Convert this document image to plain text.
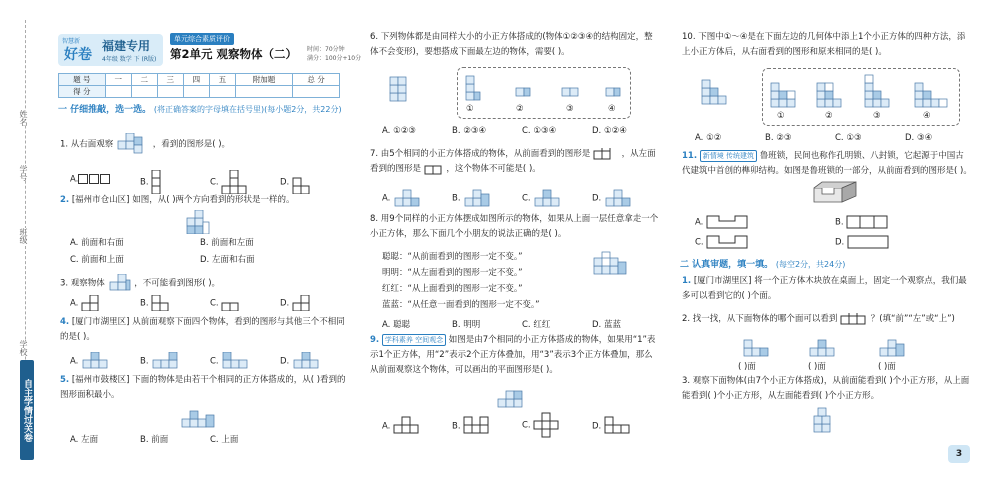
姓名
学号
班级
学校
自主学情过关卷
智慧新
好卷
福建专用
4年级 数学 下 (R版)
单元综合素质评价
第2单元 观察物体（二） 时间：70分钟
满分：100分+10分
题 号	一	二	三	四	五	附加题	总 分
得 分							
一 仔细推敲，选一选。 (将正确答案的字母填在括号里)(每小题2分，共22分)
1. 从右面观察	，看到的图形是( )。
A.	B.	C.	D.
2. [福州市仓山区] 如图，从( )两个方向看到的形状是一样的。
A. 前面和右面	B. 前面和左面
C. 前面和上面	D. 左面和右面
3. 观察物体	，不可能看到图形( )。
A.	B.	C.	D.
4. [厦门市湖里区] 从前面观察下面四个物体，看到的图形与其他三个不相同的是( )。
A.	B.	C.	D.
5. [福州市鼓楼区] 下面的物体是由若干个相同的正方体搭成的，从( )看到的图形面积最小。
A. 左面	B. 前面	C. 上面
6. 下列物体都是由同样大小的小正方体搭成的(物体①②③④的结构固定，整体不会变形)，要想搭成下面最左边的物体，需要( )。
①	②	③	④
A. ①②③	B. ②③④	C. ①③④	D. ①②④
7. 由5个相同的小正方体搭成的物体，从前面看到的图形是	，从左面看到的图形是	，这个物体不可能是( )。
A.	B.	C.	D.
8. 用9个同样的小正方体摆成如图所示的物体，如果从上面一层任意拿走一个小正方体，那么下面几个小朋友的说法正确的是( )。
聪聪：“从前面看到的图形一定不变。”
明明：“从左面看到的图形一定不变。”
红红：“从上面看到的图形一定不变。”
蓝蓝：“从任意一面看到的图形一定不变。”
A. 聪聪	B. 明明	C. 红红	D. 蓝蓝
9. 学科素养 空间观念 如图是由7个相同的小正方体搭成的物体，如果用“1”表示1个正方体，用“2”表示2个正方体叠加，用“3”表示3个正方体叠加，那么从前面观察这个物体，可以画出的平面图形是( )。
A.	B.	C.	D.
10. 下图中①～④是在下面左边的几何体中添上1个小正方体的四种方法，添上小正方体后，从右面看到的图形和原来相同的是( )。
①	②	③	④
A. ①②	B. ②③	C. ①③	D. ③④
11. 新情境 传统建筑 鲁班锁，民间也称作孔明锁、八封锁，它起源于中国古代建筑中首创的榫卯结构。如图是鲁班锁的一部分，从前面看到的图形是( )。
A.	B.
C.	D.
二 认真审题，填一填。 (每空2分，共24分)
1. [厦门市湖里区] 将一个正方体木块放在桌面上，固定一个观察点，我们最多可以看到它的( )个面。
2. 找一找，从下面物体的哪个面可以看到	？(填“前”“左”或“上”)
( )面	( )面	( )面
3. 观察下面物体(由7个小正方体搭成)，从前面能看到( )个小正方形，从上面能看到( )个小正方形，从左面能看到( )个小正方形。
3
